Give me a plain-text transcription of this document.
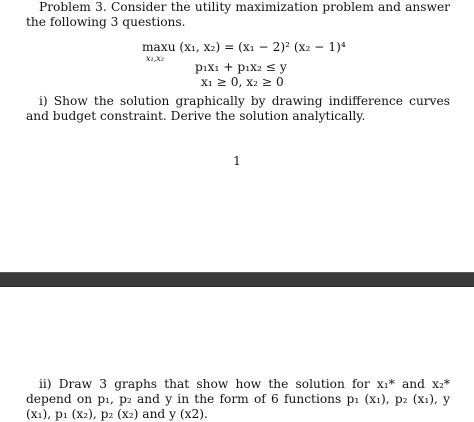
Problem 3. Consider the utility maximization problem and answer the following 3 questions.
maxu (x₁, x₂) = (x₁ − 2)² (x₂ − 1)⁴
x₁,x₂
p₁x₁ + p₁x₂ ≤ y
x₁ ≥ 0, x₂ ≥ 0
i) Show the solution graphically by drawing indifference curves and budget constraint. Derive the solution analytically.
1
ii) Draw 3 graphs that show how the solution for x₁* and x₂* depend on p₁, p₂ and y in the form of 6 functions p₁ (x₁), p₂ (x₁), y (x₁), p₁ (x₂), p₂ (x₂) and y (x2).
